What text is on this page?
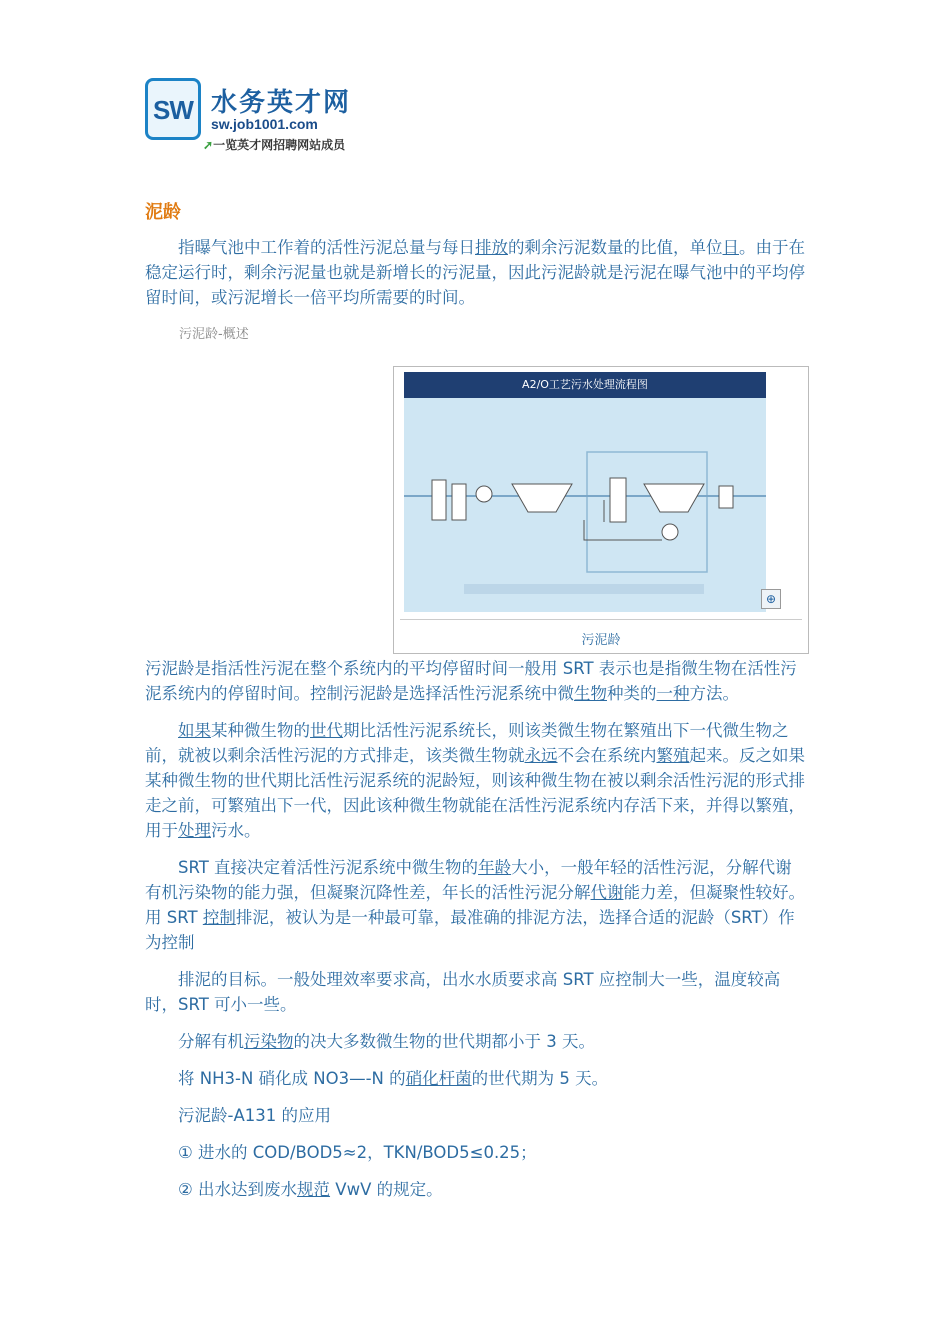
SW 水务英才网
sw.job1001.com
➚一览英才网招聘网站成员
泥龄

指曝气池中工作着的活性污泥总量与每日排放的剩余污泥数量的比值，单位日。由于在稳定运行时，剩余污泥量也就是新增长的污泥量，因此污泥龄就是污泥在曝气池中的平均停留时间，或污泥增长一倍平均所需要的时间。

污泥龄-概述
A2/O工艺污水处理流程图
⊕
污泥龄

污泥龄是指活性污泥在整个系统内的平均停留时间一般用 SRT 表示也是指微生物在活性污泥系统内的停留时间。控制污泥龄是选择活性污泥系统中微生物种类的一种方法。

如果某种微生物的世代期比活性污泥系统长，则该类微生物在繁殖出下一代微生物之前，就被以剩余活性污泥的方式排走，该类微生物就永远不会在系统内繁殖起来。反之如果某种微生物的世代期比活性污泥系统的泥龄短，则该种微生物在被以剩余活性污泥的形式排走之前，可繁殖出下一代，因此该种微生物就能在活性污泥系统内存活下来，并得以繁殖，用于处理污水。

SRT 直接决定着活性污泥系统中微生物的年龄大小，一般年轻的活性污泥，分解代谢有机污染物的能力强，但凝聚沉降性差，年长的活性污泥分解代谢能力差，但凝聚性较好。用 SRT 控制排泥，被认为是一种最可靠，最准确的排泥方法，选择合适的泥龄（SRT）作为控制

排泥的目标。一般处理效率要求高，出水水质要求高 SRT 应控制大一些，温度较高时，SRT 可小一些。

分解有机污染物的决大多数微生物的世代期都小于 3 天。

将 NH3-N 硝化成 NO3—-N 的硝化杆菌的世代期为 5 天。

污泥龄-A131 的应用

① 进水的 COD/BOD5≈2，TKN/BOD5≤0.25；

② 出水达到废水规范 VwV 的规定。
